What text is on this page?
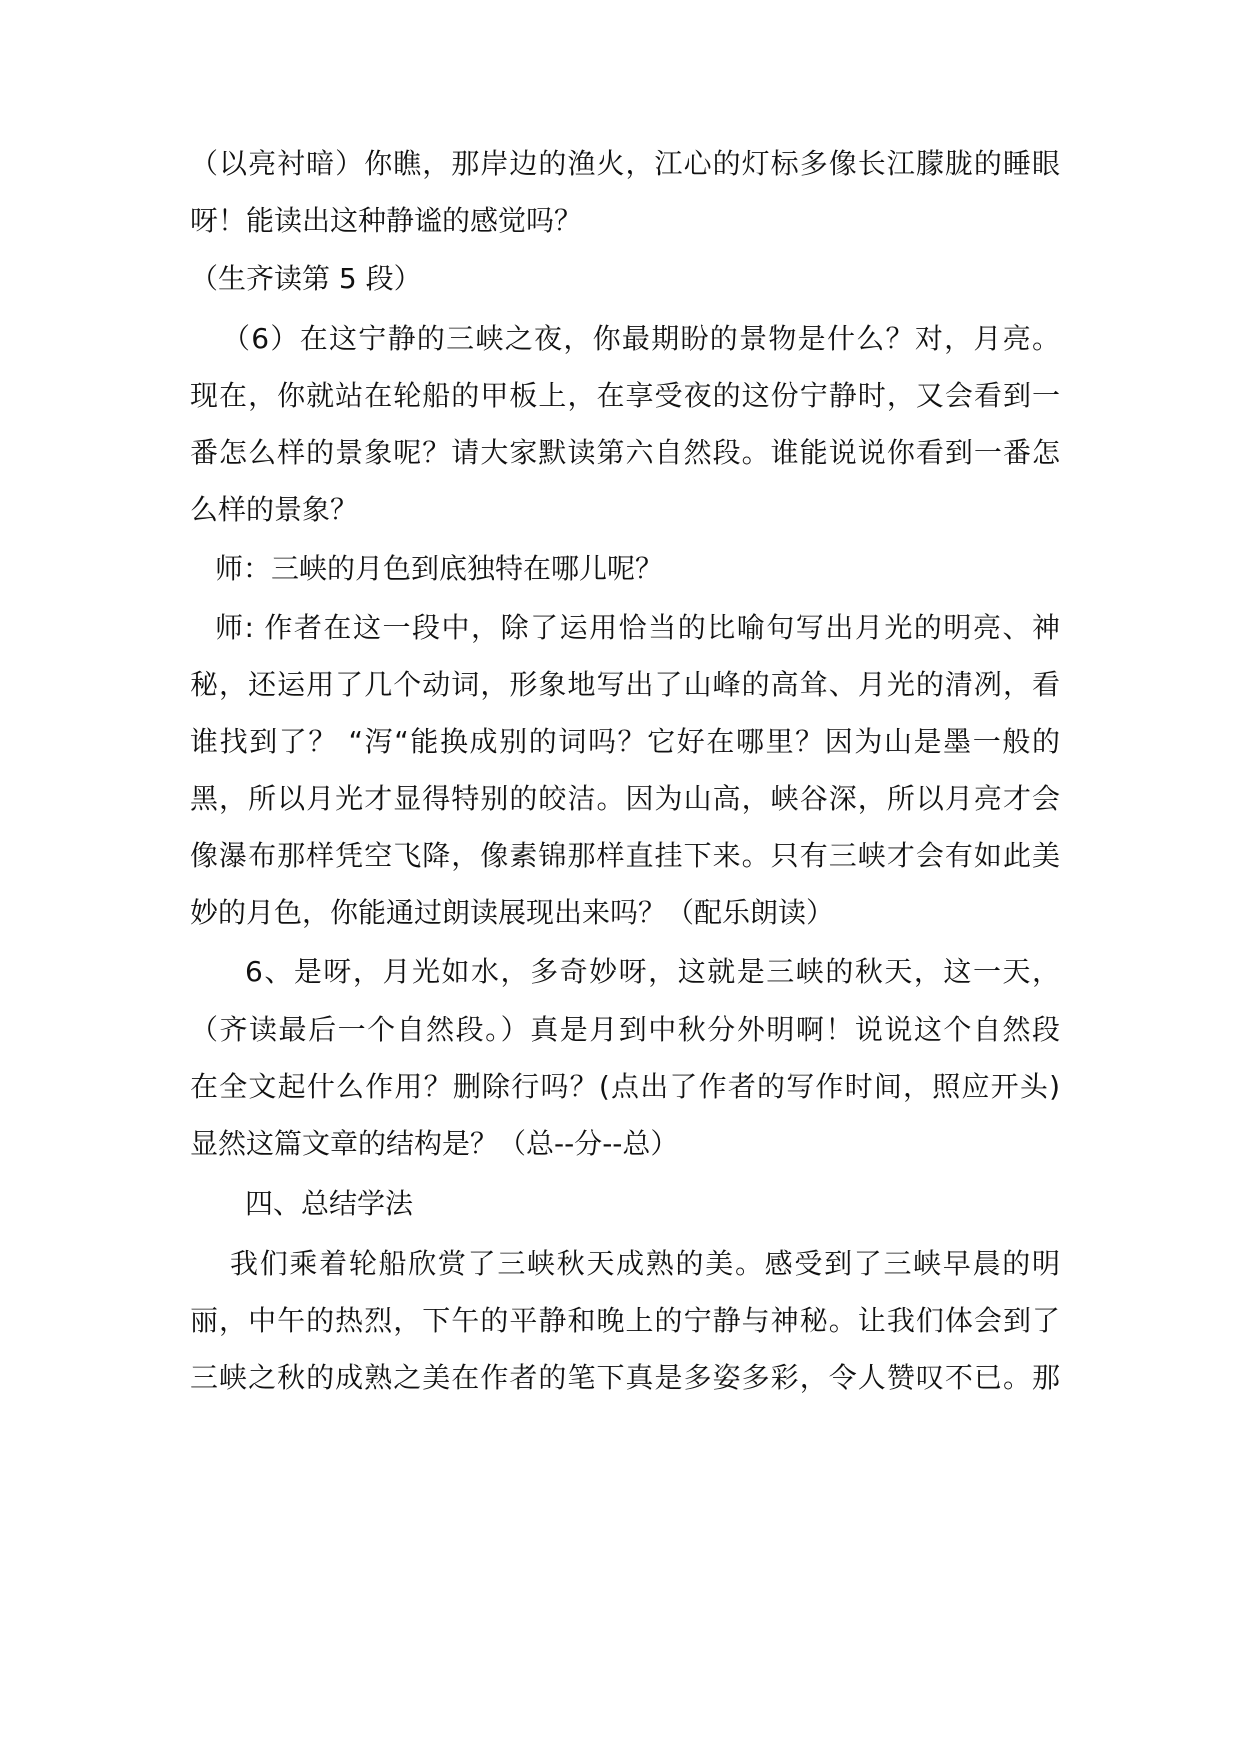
（以亮衬暗）你瞧，那岸边的渔火，江心的灯标多像长江朦胧的睡眼
呀！能读出这种静谧的感觉吗？
（生齐读第 5 段）
（6）在这宁静的三峡之夜，你最期盼的景物是什么？对，月亮。
现在，你就站在轮船的甲板上，在享受夜的这份宁静时，又会看到一
番怎么样的景象呢？请大家默读第六自然段。谁能说说你看到一番怎
么样的景象？
师：三峡的月色到底独特在哪儿呢？
师: 作者在这一段中，除了运用恰当的比喻句写出月光的明亮、神
秘，还运用了几个动词，形象地写出了山峰的高耸、月光的清冽，看
谁找到了？ “泻“能换成别的词吗？它好在哪里？因为山是墨一般的
黑，所以月光才显得特别的皎洁。因为山高，峡谷深，所以月亮才会
像瀑布那样凭空飞降，像素锦那样直挂下来。只有三峡才会有如此美
妙的月色，你能通过朗读展现出来吗？（配乐朗读）
6、是呀，月光如水，多奇妙呀，这就是三峡的秋天，这一天，
（齐读最后一个自然段。）真是月到中秋分外明啊！说说这个自然段
在全文起什么作用？删除行吗？(点出了作者的写作时间，照应开头)
显然这篇文章的结构是？（总--分--总）
四、总结学法
我们乘着轮船欣赏了三峡秋天成熟的美。感受到了三峡早晨的明
丽，中午的热烈，下午的平静和晚上的宁静与神秘。让我们体会到了
三峡之秋的成熟之美在作者的笔下真是多姿多彩，令人赞叹不已。那
